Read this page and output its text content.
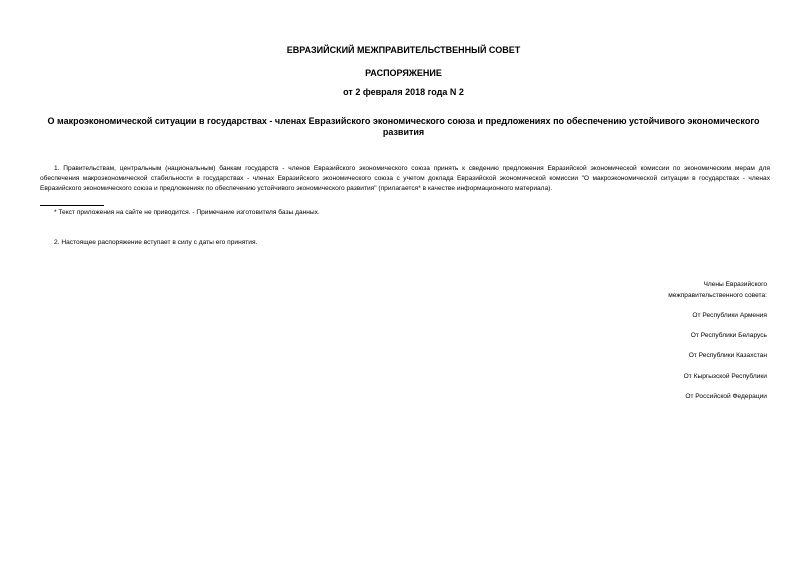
ЕВРАЗИЙСКИЙ МЕЖПРАВИТЕЛЬСТВЕННЫЙ СОВЕТ
РАСПОРЯЖЕНИЕ
от 2 февраля 2018 года N 2
О макроэкономической ситуации в государствах - членах Евразийского экономического союза и предложениях по обеспечению устойчивого экономического развития
1. Правительствам, центральным (национальным) банкам государств - членов Евразийского экономического союза принять к сведению предложения Евразийской экономической комиссии по экономическим мерам для обеспечения макроэкономической стабильности в государствах - членах Евразийского экономического союза с учетом доклада Евразийской экономической комиссии "О макроэкономической ситуации в государствах - членах Евразийского экономического союза и предложениях по обеспечению устойчивого экономического развития" (прилагается* в качестве информационного материала).
* Текст приложения на сайте не приводится. - Примечание изготовителя базы данных.
2. Настоящее распоряжение вступает в силу с даты его принятия.
Члены Евразийского
межправительственного совета:
От Республики Армения
От Республики Беларусь
От Республики Казахстан
От Кыргызской Республики
От Российской Федерации
